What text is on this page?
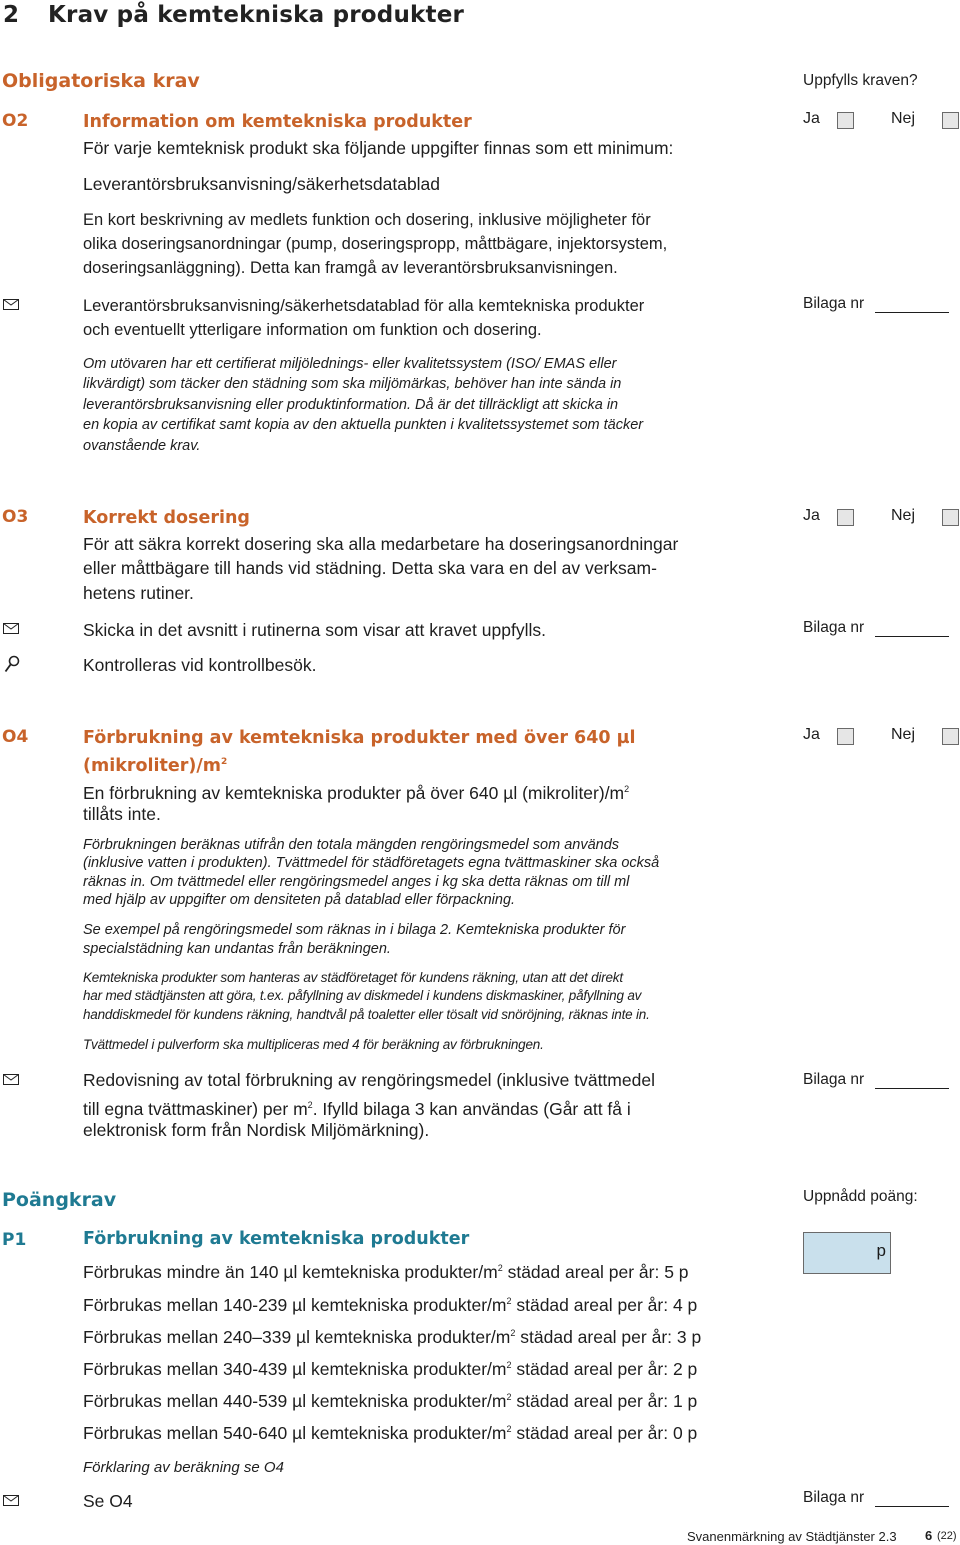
2 Krav på kemtekniska produkter
Obligatoriska krav	Uppfylls kraven?
O2	Information om kemtekniska produkter	Ja	Nej
För varje kemteknisk produkt ska följande uppgifter finnas som ett minimum:
Leverantörsbruksanvisning/säkerhetsdatablad
En kort beskrivning av medlets funktion och dosering, inklusive möjligheter för
olika doseringsanordningar (pump, doseringspropp, måttbägare, injektorsystem,
doseringsanläggning). Detta kan framgå av leverantörsbruksanvisningen.
Leverantörsbruksanvisning/säkerhetsdatablad för alla kemtekniska produkter
och eventuellt ytterligare information om funktion och dosering.
Bilaga nr
Om utövaren har ett certifierat miljölednings- eller kvalitetssystem (ISO/ EMAS eller
likvärdigt) som täcker den städning som ska miljömärkas, behöver han inte sända in
leverantörsbruksanvisning eller produktinformation. Då är det tillräckligt att skicka in
en kopia av certifikat samt kopia av den aktuella punkten i kvalitetssystemet som täcker
ovanstående krav.
O3	Korrekt dosering	Ja	Nej
För att säkra korrekt dosering ska alla medarbetare ha doseringsanordningar
eller måttbägare till hands vid städning. Detta ska vara en del av verksam-
hetens rutiner.
Skicka in det avsnitt i rutinerna som visar att kravet uppfylls.	Bilaga nr
Kontrolleras vid kontrollbesök.
O4	Förbrukning av kemtekniska produkter med över 640 µl
$(mikroliter)/m^2$
Ja	Nej
En förbrukning av kemtekniska produkter på över 640 µl $(mikroliter)/m^2$
tillåts inte.
Förbrukningen beräknas utifrån den totala mängden rengöringsmedel som används
(inklusive vatten i produkten). Tvättmedel för städföretagets egna tvättmaskiner ska också
räknas in. Om tvättmedel eller rengöringsmedel anges i kg ska detta räknas om till ml
med hjälp av uppgifter om densiteten på datablad eller förpackning.
Se exempel på rengöringsmedel som räknas in i bilaga 2. Kemtekniska produkter för
specialstädning kan undantas från beräkningen.
Kemtekniska produkter som hanteras av städföretaget för kundens räkning, utan att det direkt
har med städtjänsten att göra, t.ex. påfyllning av diskmedel i kundens diskmaskiner, påfyllning av
handdiskmedel för kundens räkning, handtvål på toaletter eller tösalt vid snöröjning, räknas inte in.
Tvättmedel i pulverform ska multipliceras med 4 för beräkning av förbrukningen.
Redovisning av total förbrukning av rengöringsmedel (inklusive tvättmedel
till egna tvättmaskiner) per $m^2$. Ifylld bilaga 3 kan användas (Går att få i
elektronisk form från Nordisk Miljömärkning).
Bilaga nr
Poängkrav	Uppnådd poäng:
P1	Förbrukning av kemtekniska produkter
p
Förbrukas mindre än 140 µl kemtekniska produkter/$m^2$ städad areal per år: 5 p
Förbrukas mellan 140-239 µl kemtekniska produkter/$m^2$ städad areal per år: 4 p
Förbrukas mellan 240–339 µl kemtekniska produkter/$m^2$ städad areal per år: 3 p
Förbrukas mellan 340-439 µl kemtekniska produkter/$m^2$ städad areal per år: 2 p
Förbrukas mellan 440-539 µl kemtekniska produkter/$m^2$ städad areal per år: 1 p
Förbrukas mellan 540-640 µl kemtekniska produkter/$m^2$ städad areal per år: 0 p
Förklaring av beräkning se O4
Se O4	Bilaga nr
Svanenmärkning av Städtjänster 2.3 6 (22)
